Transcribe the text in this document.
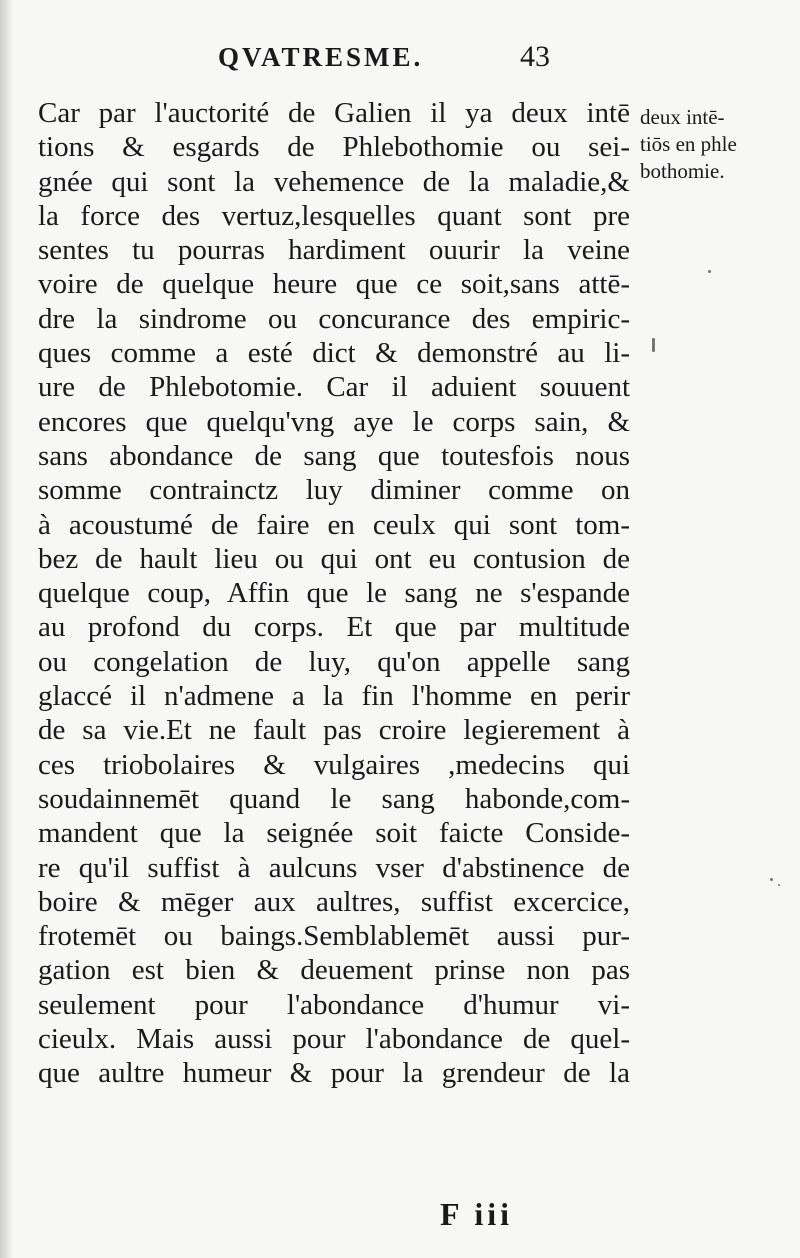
QVATRESME.	43
Car par l'auctorité de Galien il ya deux intē
tions & esgards de Phlebothomie ou sei-
gnée qui sont la vehemence de la maladie,&
la force des vertuz,lesquelles quant sont pre
sentes tu pourras hardiment ouurir la veine
voire de quelque heure que ce soit,sans attē-
dre la sindrome ou concurance des empiric-
ques comme a esté dict & demonstré au li-
ure de Phlebotomie. Car il aduient souuent
encores que quelqu'vng aye le corps sain, &
sans abondance de sang que toutesfois nous
somme contrainctz luy diminer comme on
à acoustumé de faire en ceulx qui sont tom-
bez de hault lieu ou qui ont eu contusion de
quelque coup, Affin que le sang ne s'espande
au profond du corps. Et que par multitude
ou congelation de luy, qu'on appelle sang
glaccé il n'admene a la fin l'homme en perir
de sa vie.Et ne fault pas croire legierement à
ces triobolaires & vulgaires ,medecins qui
soudainnemēt quand le sang habonde,com-
mandent que la seignée soit faicte Conside-
re qu'il suffist à aulcuns vser d'abstinence de
boire & mēger aux aultres, suffist excercice,
frotemēt ou baings.Semblablemēt aussi pur-
gation est bien & deuement prinse non pas
seulement pour l'abondance d'humur vi-
cieulx. Mais aussi pour l'abondance de quel-
que aultre humeur & pour la grendeur de la
deux intē-
tiōs en phle
bothomie.
F iii
